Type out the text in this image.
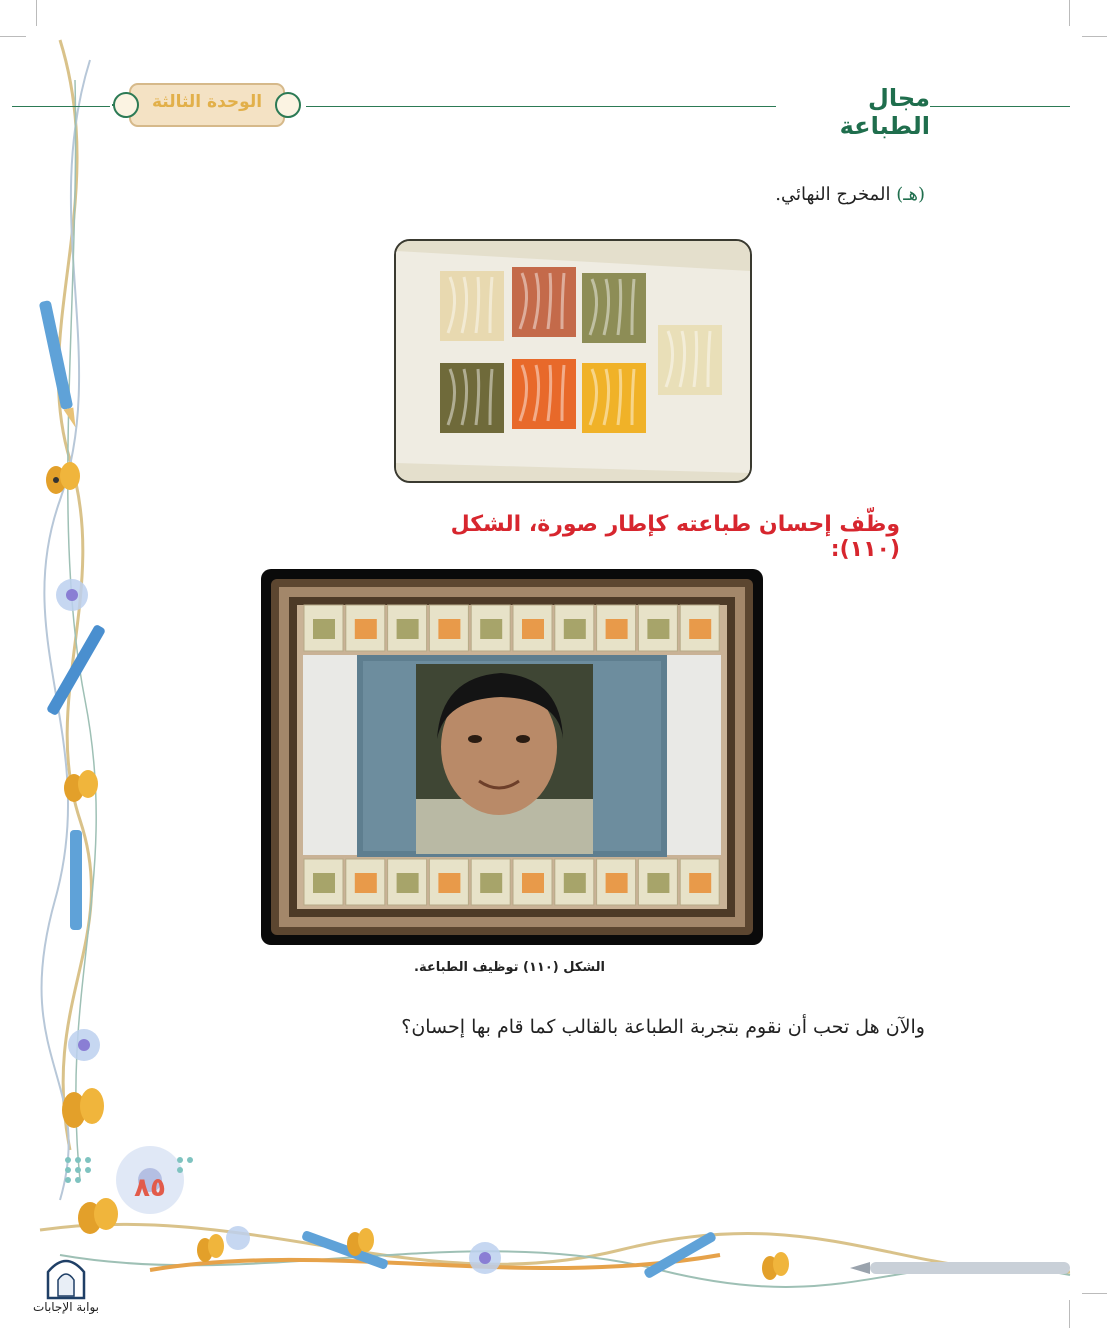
الوحدة الثالثة	مجال الطباعة
(هـ) المخرج النهائي.
وظّف إحسان طباعته كإطار صورة، الشكل (١١٠):
الشكل (١١٠) توظيف الطباعة.
والآن هل تحب أن نقوم بتجربة الطباعة بالقالب كما قام بها إحسان؟
٨٥
بوابة الإجابات
